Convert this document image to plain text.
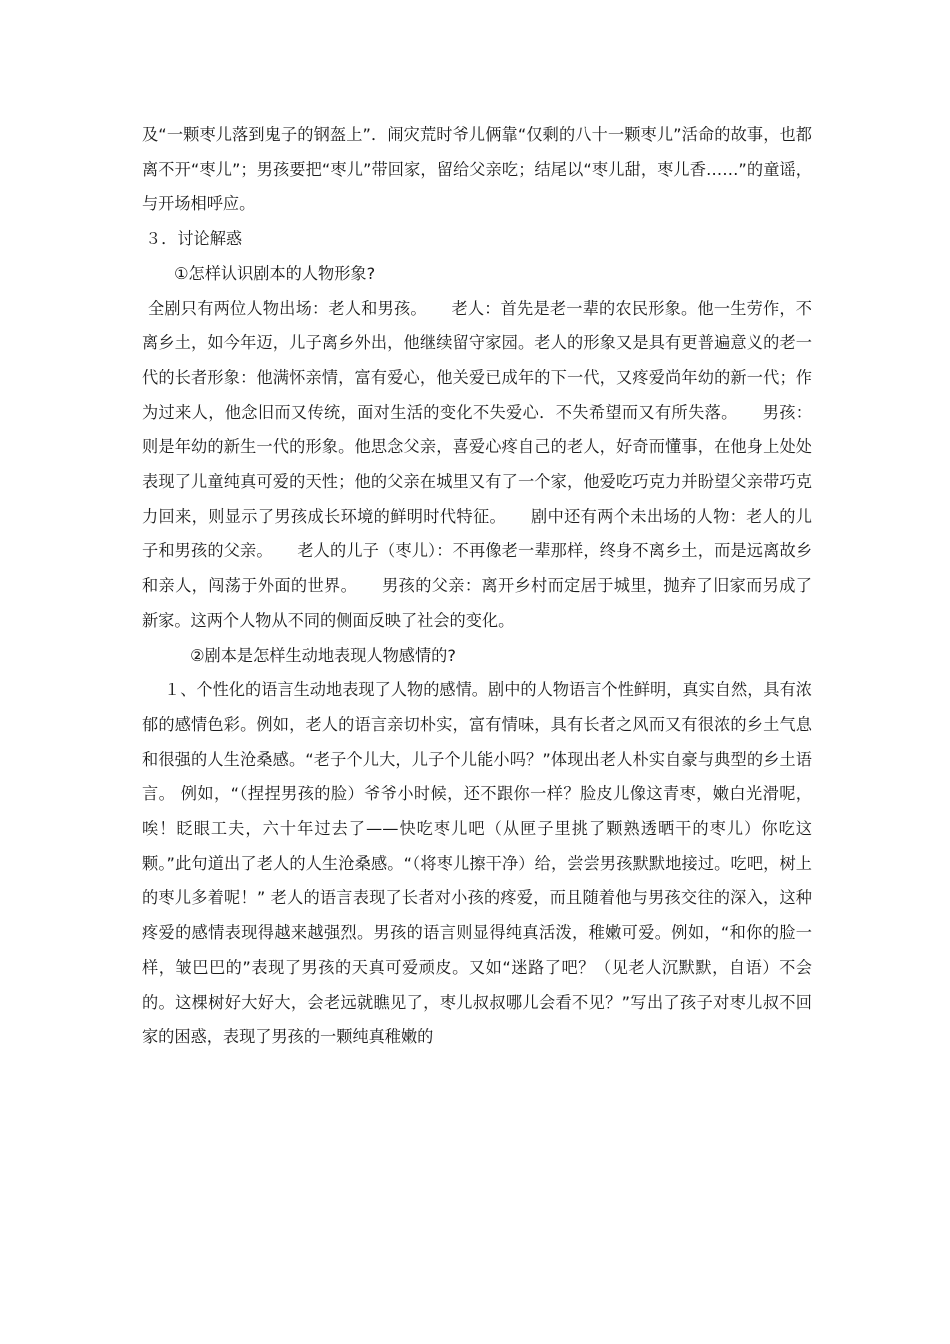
及“一颗枣儿落到鬼子的钢盔上”．闹灾荒时爷儿俩靠“仅剩的八十一颗枣儿”活命的故事，也都离不开“枣儿”；男孩要把“枣儿”带回家，留给父亲吃；结尾以“枣儿甜，枣儿香……”的童谣，与开场相呼应。

３．讨论解惑

①怎样认识剧本的人物形象?

全剧只有两位人物出场：老人和男孩。　　老人：首先是老一辈的农民形象。他一生劳作，不离乡土，如今年迈，儿子离乡外出，他继续留守家园。老人的形象又是具有更普遍意义的老一代的长者形象：他满怀亲情，富有爱心，他关爱已成年的下一代，又疼爱尚年幼的新一代；作为过来人，他念旧而又传统，面对生活的变化不失爱心．不失希望而又有所失落。　　男孩：则是年幼的新生一代的形象。他思念父亲，喜爱心疼自己的老人，好奇而懂事，在他身上处处表现了儿童纯真可爱的天性；他的父亲在城里又有了一个家，他爱吃巧克力并盼望父亲带巧克力回来，则显示了男孩成长环境的鲜明时代特征。　　剧中还有两个未出场的人物：老人的儿子和男孩的父亲。　　老人的儿子（枣儿）：不再像老一辈那样，终身不离乡土，而是远离故乡和亲人，闯荡于外面的世界。　　男孩的父亲：离开乡村而定居于城里，抛弃了旧家而另成了新家。这两个人物从不同的侧面反映了社会的变化。

②剧本是怎样生动地表现人物感情的?

１、个性化的语言生动地表现了人物的感情。剧中的人物语言个性鲜明，真实自然，具有浓郁的感情色彩。例如，老人的语言亲切朴实，富有情味，具有长者之风而又有很浓的乡土气息和很强的人生沧桑感。“老子个儿大，儿子个儿能小吗？”体现出老人朴实自豪与典型的乡土语言。 例如，“（捏捏男孩的脸）爷爷小时候，还不跟你一样？脸皮儿像这青枣，嫩白光滑呢，唉！眨眼工夫，六十年过去了——快吃枣儿吧（从匣子里挑了颗熟透晒干的枣儿）你吃这颗。”此句道出了老人的人生沧桑感。“（将枣儿擦干净）给，尝尝男孩默默地接过。吃吧，树上的枣儿多着呢！” 老人的语言表现了长者对小孩的疼爱，而且随着他与男孩交往的深入，这种疼爱的感情表现得越来越强烈。男孩的语言则显得纯真活泼，稚嫩可爱。例如，“和你的脸一样，皱巴巴的”表现了男孩的天真可爱顽皮。又如“迷路了吧？（见老人沉默默，自语）不会的。这棵树好大好大，会老远就瞧见了，枣儿叔叔哪儿会看不见？”写出了孩子对枣儿叔不回家的困惑，表现了男孩的一颗纯真稚嫩的
